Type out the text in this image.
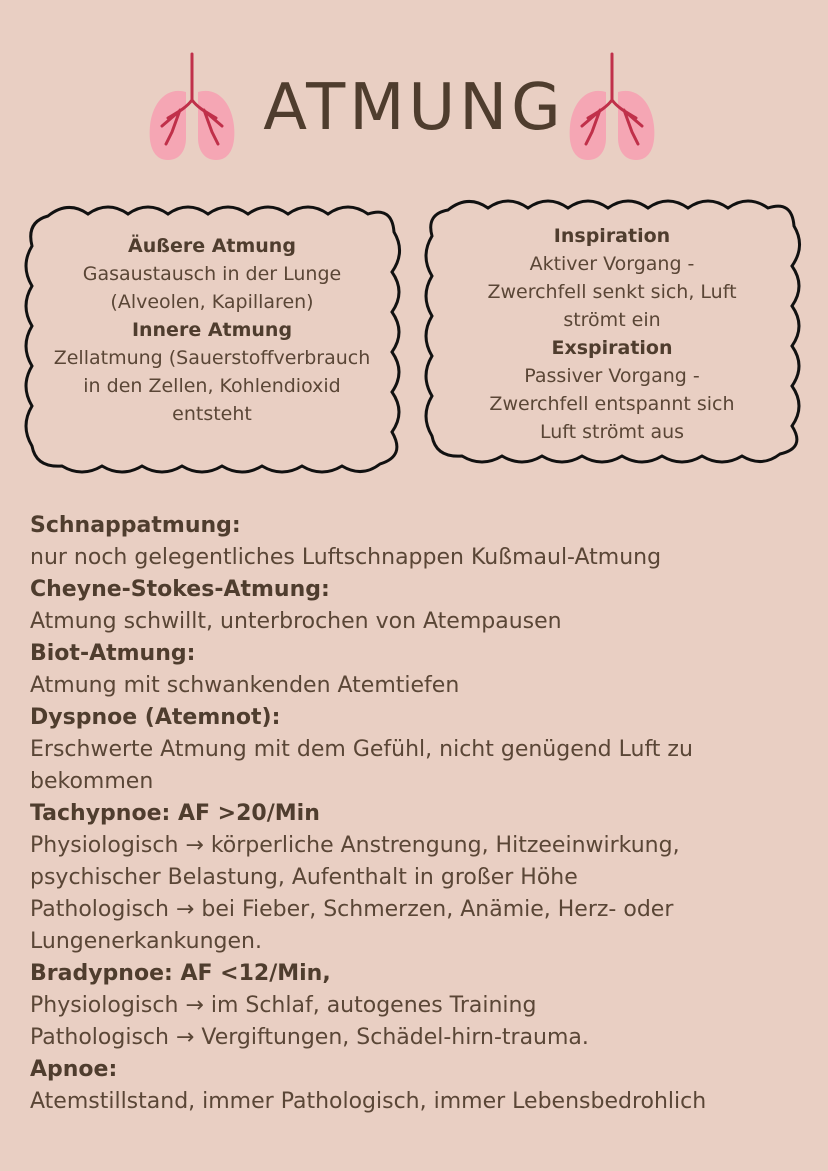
ATMUNG
Äußere Atmung
Gasaustausch in der Lunge
(Alveolen, Kapillaren)
Innere Atmung
Zellatmung (Sauerstoffverbrauch
in den Zellen, Kohlendioxid
entsteht
Inspiration
Aktiver Vorgang -
Zwerchfell senkt sich, Luft
strömt ein
Exspiration
Passiver Vorgang -
Zwerchfell entspannt sich
Luft strömt aus
Schnappatmung:
nur noch gelegentliches Luftschnappen Kußmaul-Atmung
Cheyne-Stokes-Atmung:
Atmung schwillt, unterbrochen von Atempausen
Biot-Atmung:
Atmung mit schwankenden Atemtiefen
Dyspnoe (Atemnot):
Erschwerte Atmung mit dem Gefühl, nicht genügend Luft zu
bekommen
Tachypnoe: AF >20/Min
Physiologisch → körperliche Anstrengung, Hitzeeinwirkung,
psychischer Belastung, Aufenthalt in großer Höhe
Pathologisch → bei Fieber, Schmerzen, Anämie, Herz- oder
Lungenerkankungen.
Bradypnoe: AF <12/Min,
Physiologisch → im Schlaf, autogenes Training
Pathologisch → Vergiftungen, Schädel-hirn-trauma.
Apnoe:
Atemstillstand, immer Pathologisch, immer Lebensbedrohlich
